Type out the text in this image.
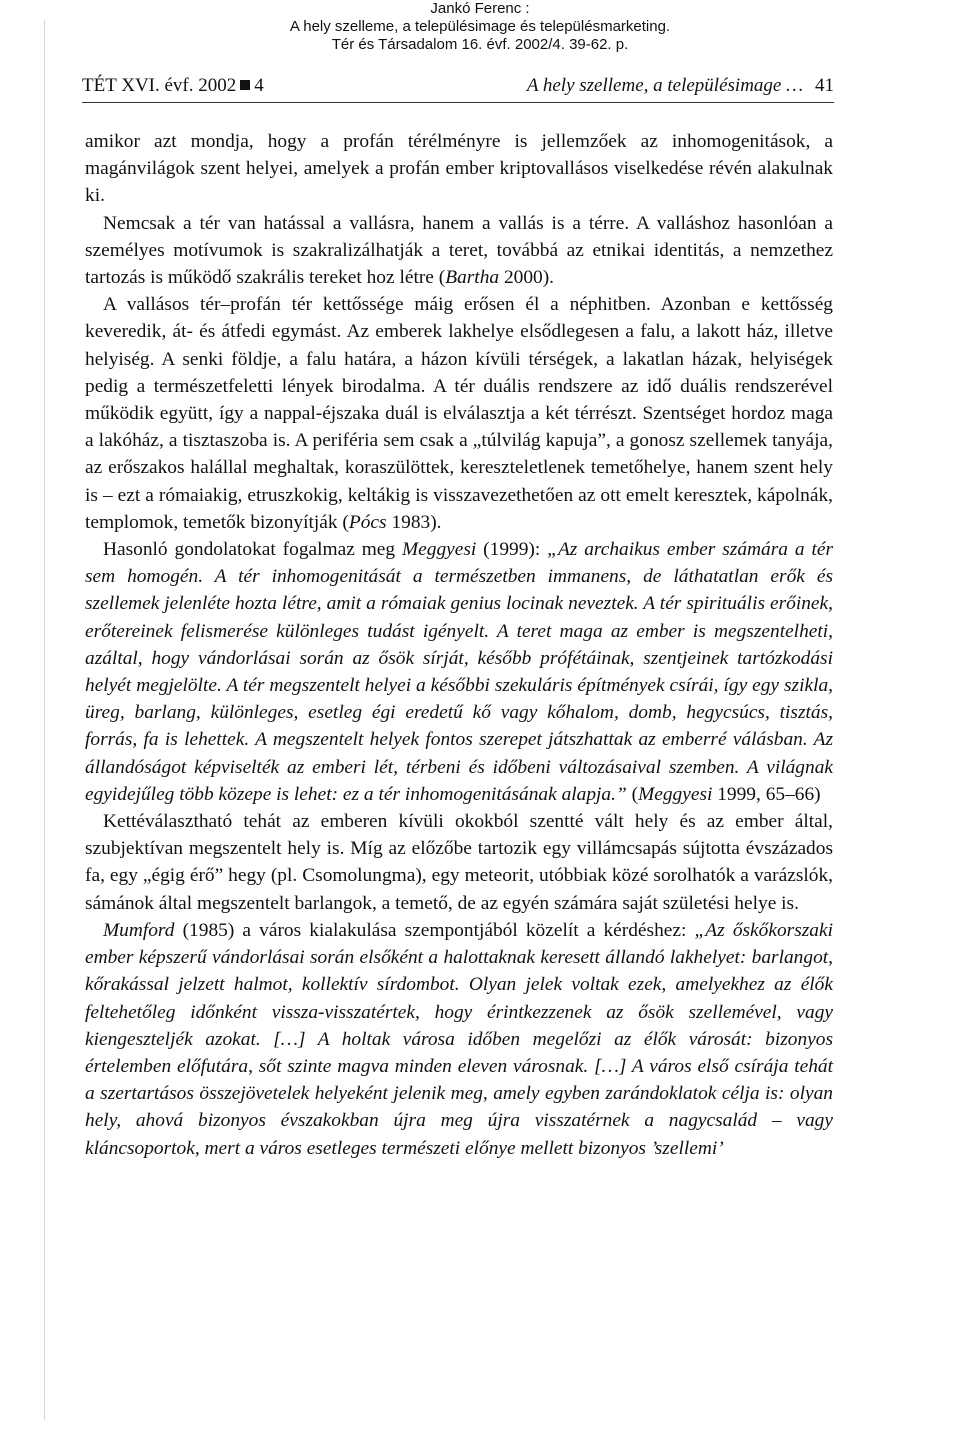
Jankó Ferenc :
A hely szelleme, a településimage és településmarketing.
Tér és Társadalom 16. évf. 2002/4. 39-62. p.
TÉT XVI. évf. 2002 4	A hely szelleme, a településimage … 41

amikor azt mondja, hogy a profán térélményre is jellemzőek az inhomogenitások, a magánvilágok szent helyei, amelyek a profán ember kriptovallásos viselkedése révén alakulnak ki.

Nemcsak a tér van hatással a vallásra, hanem a vallás is a térre. A valláshoz hasonlóan a személyes motívumok is szakralizálhatják a teret, továbbá az etnikai identitás, a nemzethez tartozás is működő szakrális tereket hoz létre (Bartha 2000).

A vallásos tér–profán tér kettőssége máig erősen él a néphitben. Azonban e kettősség keveredik, át- és átfedi egymást. Az emberek lakhelye elsődlegesen a falu, a lakott ház, illetve helyiség. A senki földje, a falu határa, a házon kívüli térségek, a lakatlan házak, helyiségek pedig a természetfeletti lények birodalma. A tér duális rendszere az idő duális rendszerével működik együtt, így a nappal-éjszaka duál is elválasztja a két térrészt. Szentséget hordoz maga a lakóház, a tisztaszoba is. A periféria sem csak a „túlvilág kapuja”, a gonosz szellemek tanyája, az erőszakos halállal meghaltak, koraszülöttek, kereszteletlenek temetőhelye, hanem szent hely is – ezt a rómaiakig, etruszkokig, keltákig is visszavezethetően az ott emelt keresztek, kápolnák, templomok, temetők bizonyítják (Pócs 1983).

Hasonló gondolatokat fogalmaz meg Meggyesi (1999): „Az archaikus ember számára a tér sem homogén. A tér inhomogenitását a természetben immanens, de láthatatlan erők és szellemek jelenléte hozta létre, amit a rómaiak genius locinak neveztek. A tér spirituális erőinek, erőtereinek felismerése különleges tudást igényelt. A teret maga az ember is megszentelheti, azáltal, hogy vándorlásai során az ősök sírját, később prófétáinak, szentjeinek tartózkodási helyét megjelölte. A tér megszentelt helyei a későbbi szekuláris építmények csírái, így egy szikla, üreg, barlang, különleges, esetleg égi eredetű kő vagy kőhalom, domb, hegycsúcs, tisztás, forrás, fa is lehettek. A megszentelt helyek fontos szerepet játszhattak az emberré válásban. Az állandóságot képviselték az emberi lét, térbeni és időbeni változásaival szemben. A világnak egyidejűleg több közepe is lehet: ez a tér inhomogenitásának alapja.” (Meggyesi 1999, 65–66)

Kettéválasztható tehát az emberen kívüli okokból szentté vált hely és az ember által, szubjektívan megszentelt hely is. Míg az előzőbe tartozik egy villámcsapás sújtotta évszázados fa, egy „égig érő” hegy (pl. Csomolungma), egy meteorit, utóbbiak közé sorolhatók a varázslók, sámánok által megszentelt barlangok, a temető, de az egyén számára saját születési helye is.

Mumford (1985) a város kialakulása szempontjából közelít a kérdéshez: „Az őskőkorszaki ember képszerű vándorlásai során elsőként a halottaknak keresett állandó lakhelyet: barlangot, kőrakással jelzett halmot, kollektív sírdombot. Olyan jelek voltak ezek, amelyekhez az élők feltehetőleg időnként vissza-visszatértek, hogy érintkezzenek az ősök szellemével, vagy kiengeszteljék azokat. […] A holtak városa időben megelőzi az élők városát: bizonyos értelemben előfutára, sőt szinte magva minden eleven városnak. […] A város első csírája tehát a szertartásos összejövetelek helyeként jelenik meg, amely egyben zarándoklatok célja is: olyan hely, ahová bizonyos évszakokban újra meg újra visszatérnek a nagycsalád – vagy kláncsoportok, mert a város esetleges természeti előnye mellett bizonyos ’szellemi’
